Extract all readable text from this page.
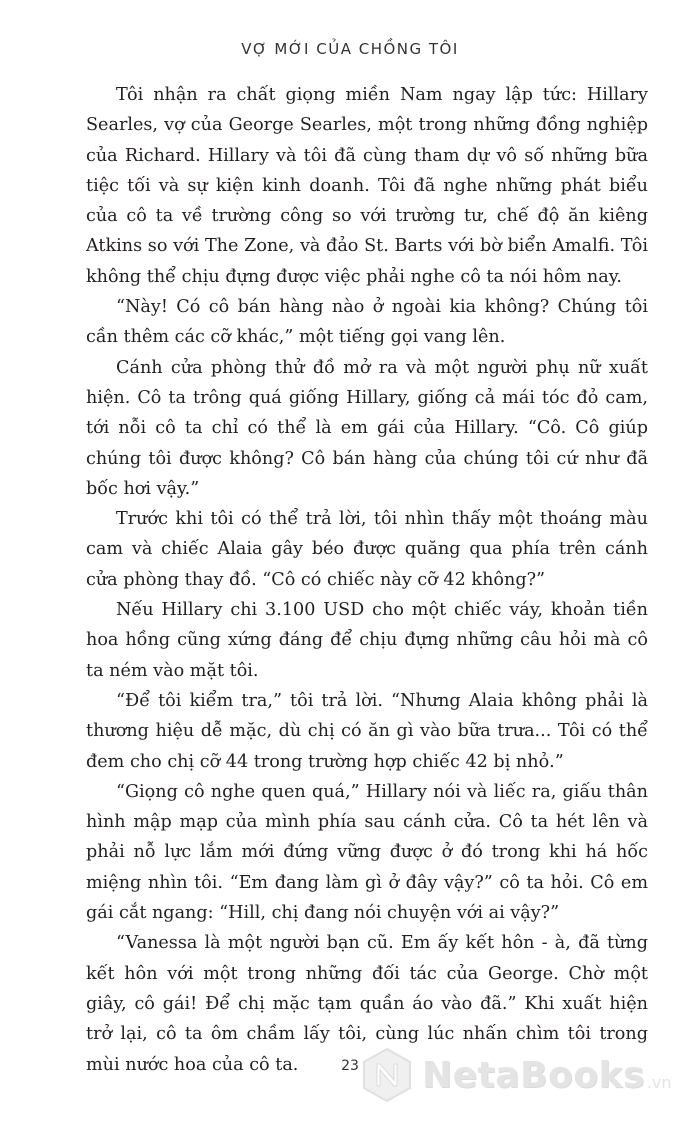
VỢ MỚI CỦA CHỒNG TÔI

Tôi nhận ra chất giọng miền Nam ngay lập tức: Hillary Searles, vợ của George Searles, một trong những đồng nghiệp của Richard. Hillary và tôi đã cùng tham dự vô số những bữa tiệc tối và sự kiện kinh doanh. Tôi đã nghe những phát biểu của cô ta về trường công so với trường tư, chế độ ăn kiêng Atkins so với The Zone, và đảo St. Barts với bờ biển Amalfi. Tôi không thể chịu đựng được việc phải nghe cô ta nói hôm nay.

“Này! Có cô bán hàng nào ở ngoài kia không? Chúng tôi cần thêm các cỡ khác,” một tiếng gọi vang lên.

Cánh cửa phòng thử đồ mở ra và một người phụ nữ xuất hiện. Cô ta trông quá giống Hillary, giống cả mái tóc đỏ cam, tới nỗi cô ta chỉ có thể là em gái của Hillary. “Cô. Cô giúp chúng tôi được không? Cô bán hàng của chúng tôi cứ như đã bốc hơi vậy.”

Trước khi tôi có thể trả lời, tôi nhìn thấy một thoáng màu cam và chiếc Alaia gây béo được quăng qua phía trên cánh cửa phòng thay đồ. “Cô có chiếc này cỡ 42 không?”

Nếu Hillary chi 3.100 USD cho một chiếc váy, khoản tiền hoa hồng cũng xứng đáng để chịu đựng những câu hỏi mà cô ta ném vào mặt tôi.

“Để tôi kiểm tra,” tôi trả lời. “Nhưng Alaia không phải là thương hiệu dễ mặc, dù chị có ăn gì vào bữa trưa... Tôi có thể đem cho chị cỡ 44 trong trường hợp chiếc 42 bị nhỏ.”

“Giọng cô nghe quen quá,” Hillary nói và liếc ra, giấu thân hình mập mạp của mình phía sau cánh cửa. Cô ta hét lên và phải nỗ lực lắm mới đứng vững được ở đó trong khi há hốc miệng nhìn tôi. “Em đang làm gì ở đây vậy?” cô ta hỏi. Cô em gái cắt ngang: “Hill, chị đang nói chuyện với ai vậy?”

“Vanessa là một người bạn cũ. Em ấy kết hôn - à, đã từng kết hôn với một trong những đối tác của George. Chờ một giây, cô gái! Để chị mặc tạm quần áo vào đã.” Khi xuất hiện trở lại, cô ta ôm chầm lấy tôi, cùng lúc nhấn chìm tôi trong mùi nước hoa của cô ta.	23	NetaBooks .vn
